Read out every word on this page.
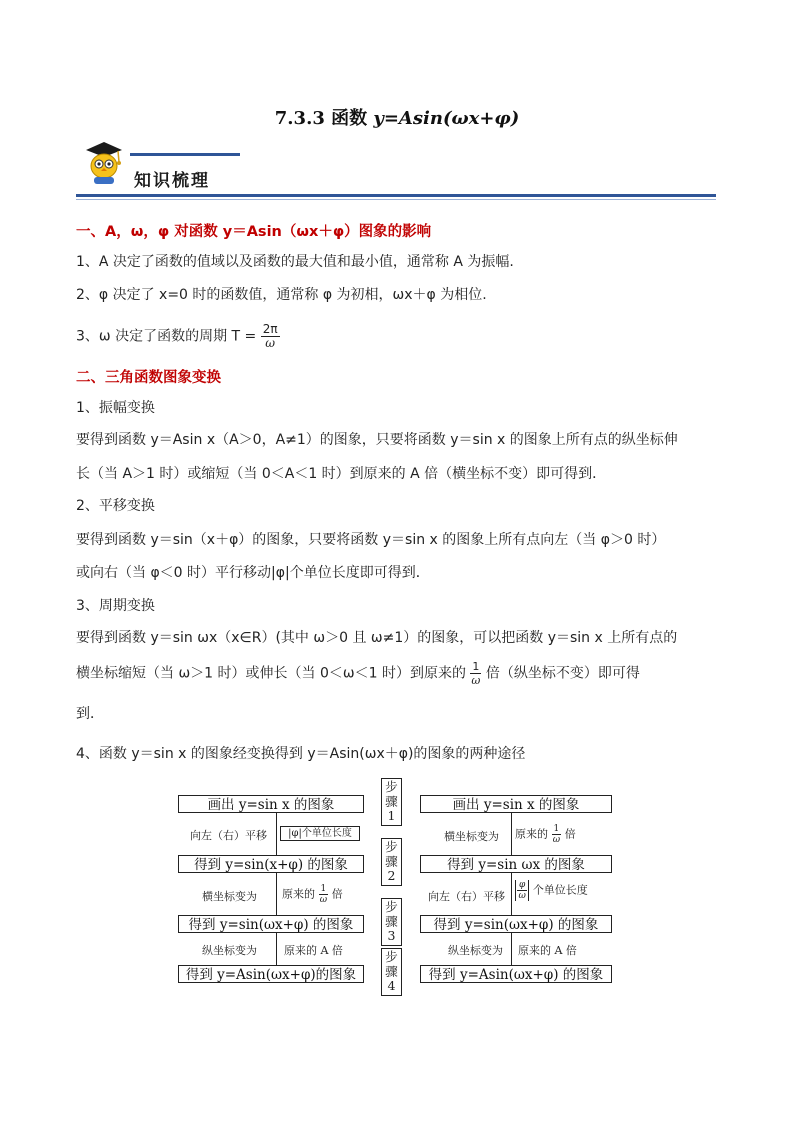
7.3.3 函数 y=Asin(ωx+φ)
知识梳理
一、A，ω，φ 对函数 y＝Asin（ωx＋φ）图象的影响
1、A 决定了函数的值域以及函数的最大值和最小值，通常称 A 为振幅.
2、φ 决定了 x=0 时的函数值，通常称 φ 为初相，ωx＋φ 为相位.
3、ω 决定了函数的周期 $T = \frac{2\pi}{\omega}$
二、三角函数图象变换
1、振幅变换
要得到函数 y＝Asin x（A＞0，A≠1）的图象，只要将函数 y＝sin x 的图象上所有点的纵坐标伸
长（当 A＞1 时）或缩短（当 0＜A＜1 时）到原来的 A 倍（横坐标不变）即可得到．
2、平移变换
要得到函数 y＝sin（x＋φ）的图象，只要将函数 y＝sin x 的图象上所有点向左（当 φ＞0 时）
或向右（当 φ＜0 时）平行移动|φ|个单位长度即可得到．
3、周期变换
要得到函数 y＝sin ωx（x∈R）(其中 ω＞0 且 ω≠1）的图象，可以把函数 y＝sin x 上所有点的
横坐标缩短（当 ω＞1 时）或伸长（当 0＜ω＜1 时）到原来的 $\frac{1}{\omega}$ 倍（纵坐标不变）即可得
到．
4、函数 y＝sin x 的图象经变换得到 y＝Asin(ωx＋φ)的图象的两种途径
画出 y=sin x 的图象
得到 y=sin(x+φ) 的图象
得到 y=sin(ωx+φ) 的图象
得到 y=Asin(ωx+φ)的图象
画出 y=sin x 的图象
得到 y=sin ωx 的图象
得到 y=sin(ωx+φ) 的图象
得到 y=Asin(ωx+φ) 的图象
步骤1
步骤2
步骤3
步骤4
向左（右）平移	|φ|个单位长度
横坐标变为 原来的 $\frac{1}{\omega}$ 倍
纵坐标变为 原来的 A 倍
横坐标变为 原来的 $\frac{1}{\omega}$ 倍
向左（右）平移 $\frac{\varphi}{\omega}$ 个单位长度
纵坐标变为 原来的 A 倍
